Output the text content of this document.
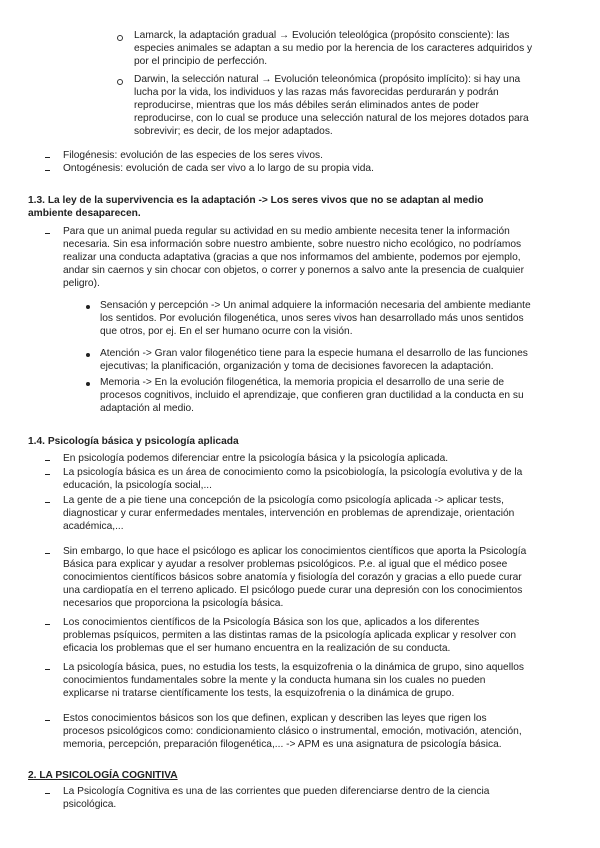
Lamarck, la adaptación gradual → Evolución teleológica (propósito consciente): las
especies animales se adaptan a su medio por la herencia de los caracteres adquiridos y
por el principio de perfección.
Darwin, la selección natural → Evolución teleonómica (propósito implícito): si hay una
lucha por la vida, los individuos y las razas más favorecidas perdurarán y podrán
reproducirse, mientras que los más débiles serán eliminados antes de poder
reproducirse, con lo cual se produce una selección natural de los mejores dotados para
sobrevivir; es decir, de los mejor adaptados.
Filogénesis: evolución de las especies de los seres vivos.
Ontogénesis: evolución de cada ser vivo a lo largo de su propia vida.
1.3. La ley de la supervivencia es la adaptación -> Los seres vivos que no se adaptan al medio
ambiente desaparecen.
Para que un animal pueda regular su actividad en su medio ambiente necesita tener la información
necesaria. Sin esa información sobre nuestro ambiente, sobre nuestro nicho ecológico, no podríamos
realizar una conducta adaptativa (gracias a que nos informamos del ambiente, podemos por ejemplo,
andar sin caernos y sin chocar con objetos, o correr y ponernos a salvo ante la presencia de cualquier
peligro).
Sensación y percepción -> Un animal adquiere la información necesaria del ambiente mediante
los sentidos. Por evolución filogenética, unos seres vivos han desarrollado más unos sentidos
que otros, por ej. En el ser humano ocurre con la visión.
Atención -> Gran valor filogenético tiene para la especie humana el desarrollo de las funciones
ejecutivas; la planificación, organización y toma de decisiones favorecen la adaptación.
Memoria -> En la evolución filogenética, la memoria propicia el desarrollo de una serie de
procesos cognitivos, incluido el aprendizaje, que confieren gran ductilidad a la conducta en su
adaptación al medio.
1.4. Psicología básica y psicología aplicada
En psicología podemos diferenciar entre la psicología básica y la psicología aplicada.
La psicología básica es un área de conocimiento como la psicobiología, la psicología evolutiva y de la
educación, la psicología social,...
La gente de a pie tiene una concepción de la psicología como psicología aplicada -> aplicar tests,
diagnosticar y curar enfermedades mentales, intervención en problemas de aprendizaje, orientación
académica,...
Sin embargo, lo que hace el psicólogo es aplicar los conocimientos científicos que aporta la Psicología
Básica para explicar y ayudar a resolver problemas psicológicos. P.e. al igual que el médico posee
conocimientos científicos básicos sobre anatomía y fisiología del corazón y gracias a ello puede curar
una cardiopatía en el terreno aplicado. El psicólogo puede curar una depresión con los conocimientos
necesarios que proporciona la psicología básica.
Los conocimientos científicos de la Psicología Básica son los que, aplicados a los diferentes
problemas psíquicos, permiten a las distintas ramas de la psicología aplicada explicar y resolver con
eficacia los problemas que el ser humano encuentra en la realización de su conducta.
La psicología básica, pues, no estudia los tests, la esquizofrenia o la dinámica de grupo, sino aquellos
conocimientos fundamentales sobre la mente y la conducta humana sin los cuales no pueden
explicarse ni tratarse científicamente los tests, la esquizofrenia o la dinámica de grupo.
Estos conocimientos básicos son los que definen, explican y describen las leyes que rigen los
procesos psicológicos como: condicionamiento clásico o instrumental, emoción, motivación, atención,
memoria, percepción, preparación filogenética,... -> APM es una asignatura de psicología básica.
2. LA PSICOLOGÍA COGNITIVA
La Psicología Cognitiva es una de las corrientes que pueden diferenciarse dentro de la ciencia
psicológica.
